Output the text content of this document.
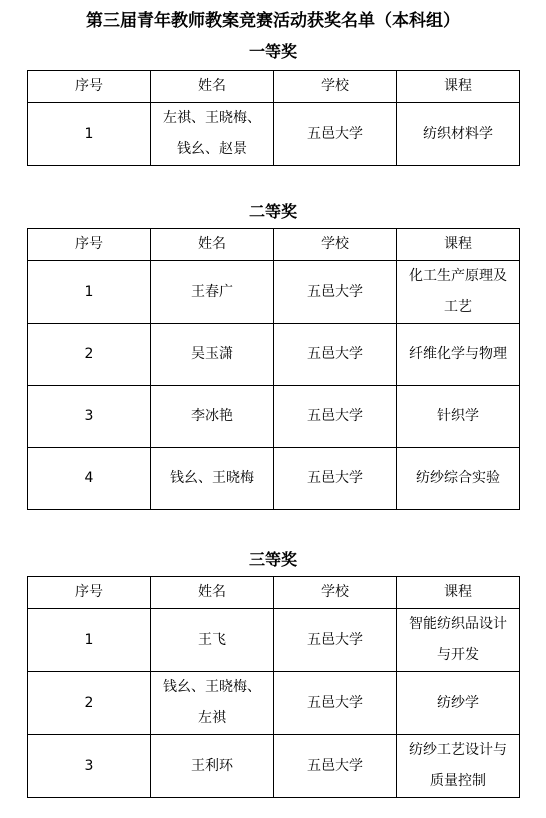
第三届青年教师教案竞赛活动获奖名单（本科组）
一等奖
序号	姓名	学校	课程
1	左祺、王晓梅、钱幺、赵景	五邑大学	纺织材料学
二等奖
序号	姓名	学校	课程
1	王春广	五邑大学	化工生产原理及工艺
2	吴玉潇	五邑大学	纤维化学与物理
3	李冰艳	五邑大学	针织学
4	钱幺、王晓梅	五邑大学	纺纱综合实验
三等奖
序号	姓名	学校	课程
1	王飞	五邑大学	智能纺织品设计与开发
2	钱幺、王晓梅、左祺	五邑大学	纺纱学
3	王利环	五邑大学	纺纱工艺设计与质量控制
